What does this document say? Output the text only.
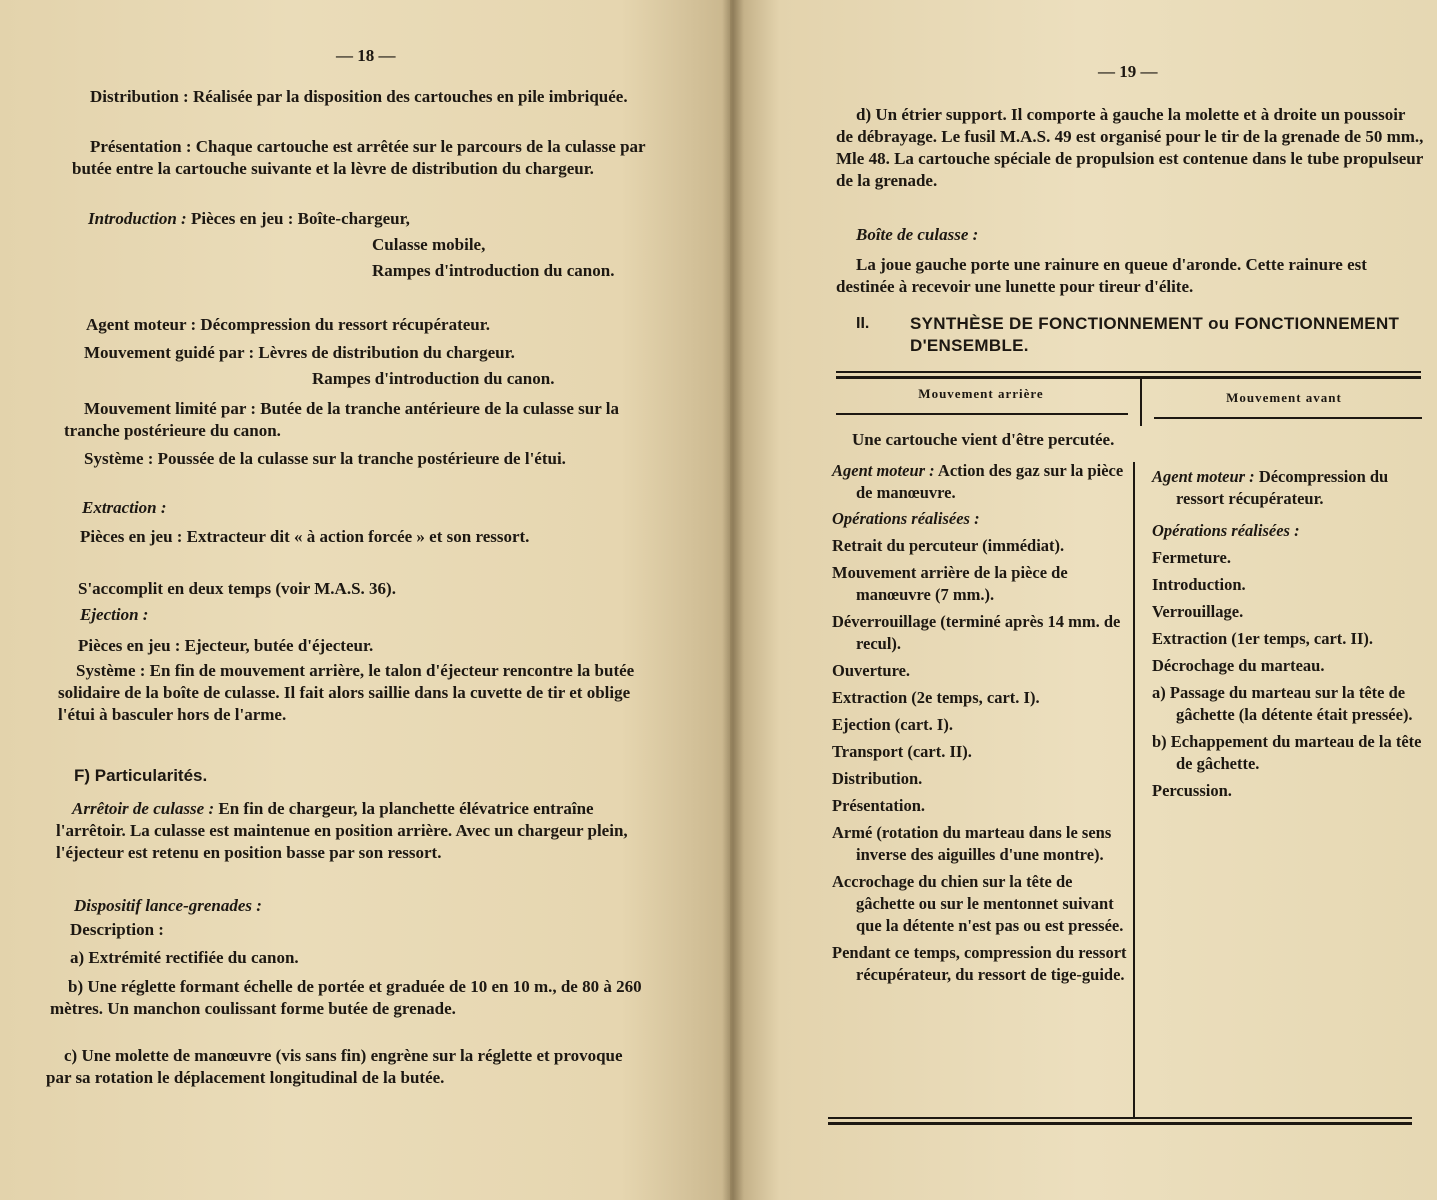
— 18 —

Distribution : Réalisée par la disposition des cartouches en pile imbriquée.

Présentation : Chaque cartouche est arrêtée sur le parcours de la culasse par butée entre la cartouche suivante et la lèvre de distribution du chargeur.

Introduction : Pièces en jeu : Boîte-chargeur,

Culasse mobile,

Rampes d'introduction du canon.

Agent moteur : Décompression du ressort récupérateur.

Mouvement guidé par : Lèvres de distribution du chargeur.

Rampes d'introduction du canon.

Mouvement limité par : Butée de la tranche antérieure de la culasse sur la tranche postérieure du canon.

Système : Poussée de la culasse sur la tranche postérieure de l'étui.

Extraction :

Pièces en jeu : Extracteur dit « à action forcée » et son ressort.

S'accomplit en deux temps (voir M.A.S. 36).
Ejection :
Pièces en jeu : Ejecteur, butée d'éjecteur.

Système : En fin de mouvement arrière, le talon d'éjecteur rencontre la butée solidaire de la boîte de culasse. Il fait alors saillie dans la cuvette de tir et oblige l'étui à basculer hors de l'arme.

F) Particularités.

Arrêtoir de culasse : En fin de chargeur, la planchette élévatrice entraîne l'arrêtoir. La culasse est maintenue en position arrière. Avec un chargeur plein, l'éjecteur est retenu en position basse par son ressort.

Dispositif lance-grenades :
Description :
a) Extrémité rectifiée du canon.

b) Une réglette formant échelle de portée et graduée de 10 en 10 m., de 80 à 260 mètres. Un manchon coulissant forme butée de grenade.

c) Une molette de manœuvre (vis sans fin) engrène sur la réglette et provoque par sa rotation le déplacement longitudinal de la butée.

— 19 —

d) Un étrier support. Il comporte à gauche la molette et à droite un poussoir de débrayage. Le fusil M.A.S. 49 est organisé pour le tir de la grenade de 50 mm., Mle 48. La cartouche spéciale de propulsion est contenue dans le tube propulseur de la grenade.

Boîte de culasse :

La joue gauche porte une rainure en queue d'aronde. Cette rainure est destinée à recevoir une lunette pour tireur d'élite.

II. SYNTHÈSE DE FONCTIONNEMENT ou FONCTIONNEMENT D'ENSEMBLE.
Mouvement arrière	Mouvement avant
Une cartouche vient d'être percutée.

Agent moteur : Action des gaz sur la pièce de manœuvre.

Opérations réalisées :

Retrait du percuteur (immédiat).

Mouvement arrière de la pièce de manœuvre (7 mm.).

Déverrouillage (terminé après 14 mm. de recul).

Ouverture.

Extraction (2e temps, cart. I).

Ejection (cart. I).

Transport (cart. II).

Distribution.

Présentation.

Armé (rotation du marteau dans le sens inverse des aiguilles d'une montre).

Accrochage du chien sur la tête de gâchette ou sur le mentonnet suivant que la détente n'est pas ou est pressée.

Pendant ce temps, compression du ressort récupérateur, du ressort de tige-guide.

Agent moteur : Décompression du ressort récupérateur.

Opérations réalisées :

Fermeture.

Introduction.

Verrouillage.

Extraction (1er temps, cart. II).

Décrochage du marteau.

a) Passage du marteau sur la tête de gâchette (la détente était pressée).

b) Echappement du marteau de la tête de gâchette.

Percussion.
